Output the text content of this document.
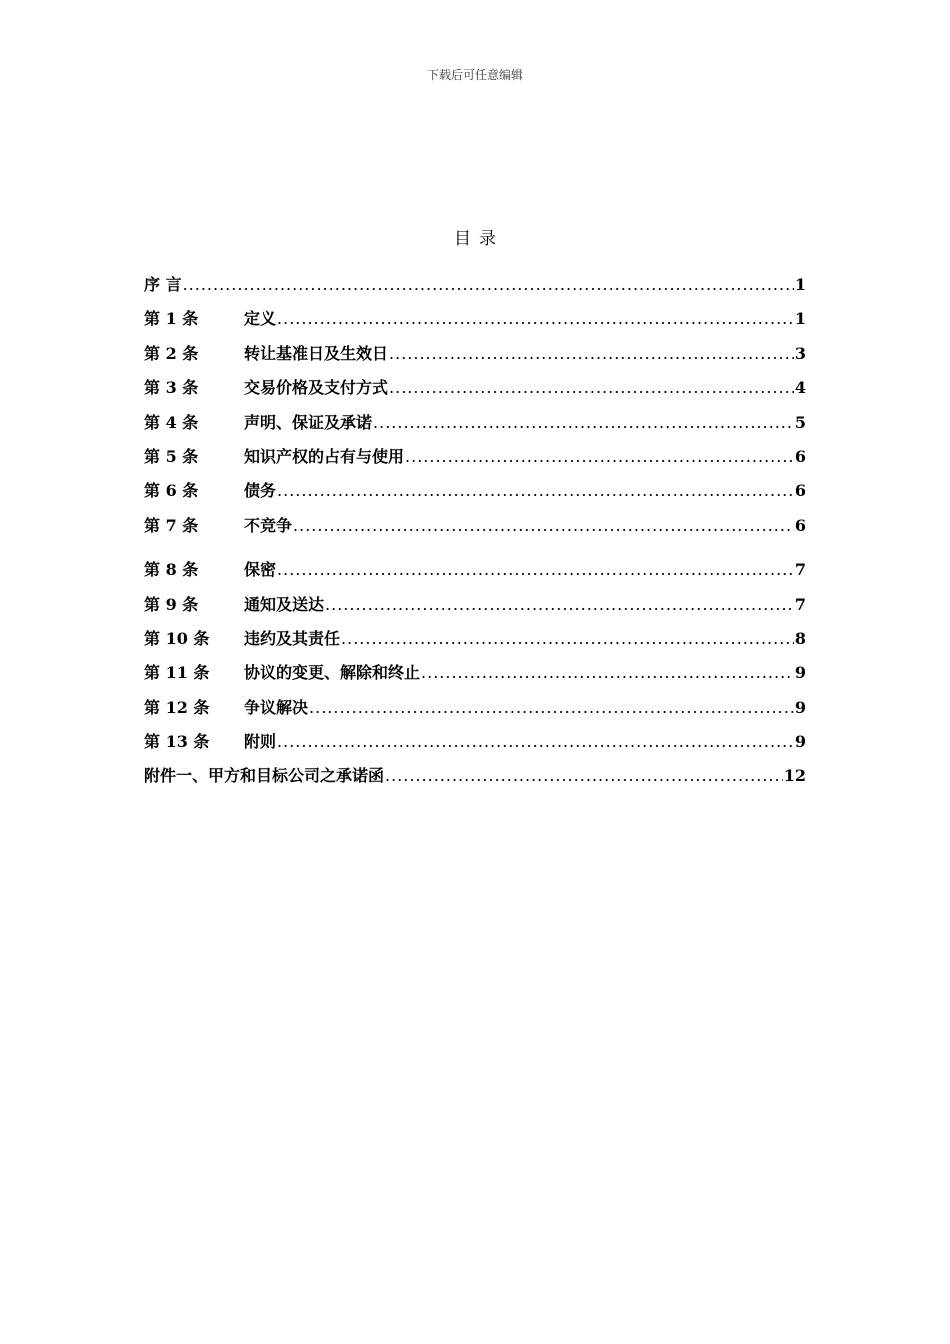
下载后可任意编辑
目录
序 言 .....	1
第 1 条	定义 .....	1
第 2 条	转让基准日及生效日 .....	3
第 3 条	交易价格及支付方式 .....	4
第 4 条	声明、保证及承诺 .....	5
第 5 条	知识产权的占有与使用 .....	6
第 6 条	债务 .....	6
第 7 条	不竞争 .....	6
第 8 条	保密 .....	7
第 9 条	通知及送达 .....	7
第 10 条	违约及其责任 .....	8
第 11 条	协议的变更、解除和终止 .....	9
第 12 条	争议解决 .....	9
第 13 条	附则 .....	9
附件一、甲方和目标公司之承诺函 .....	12
